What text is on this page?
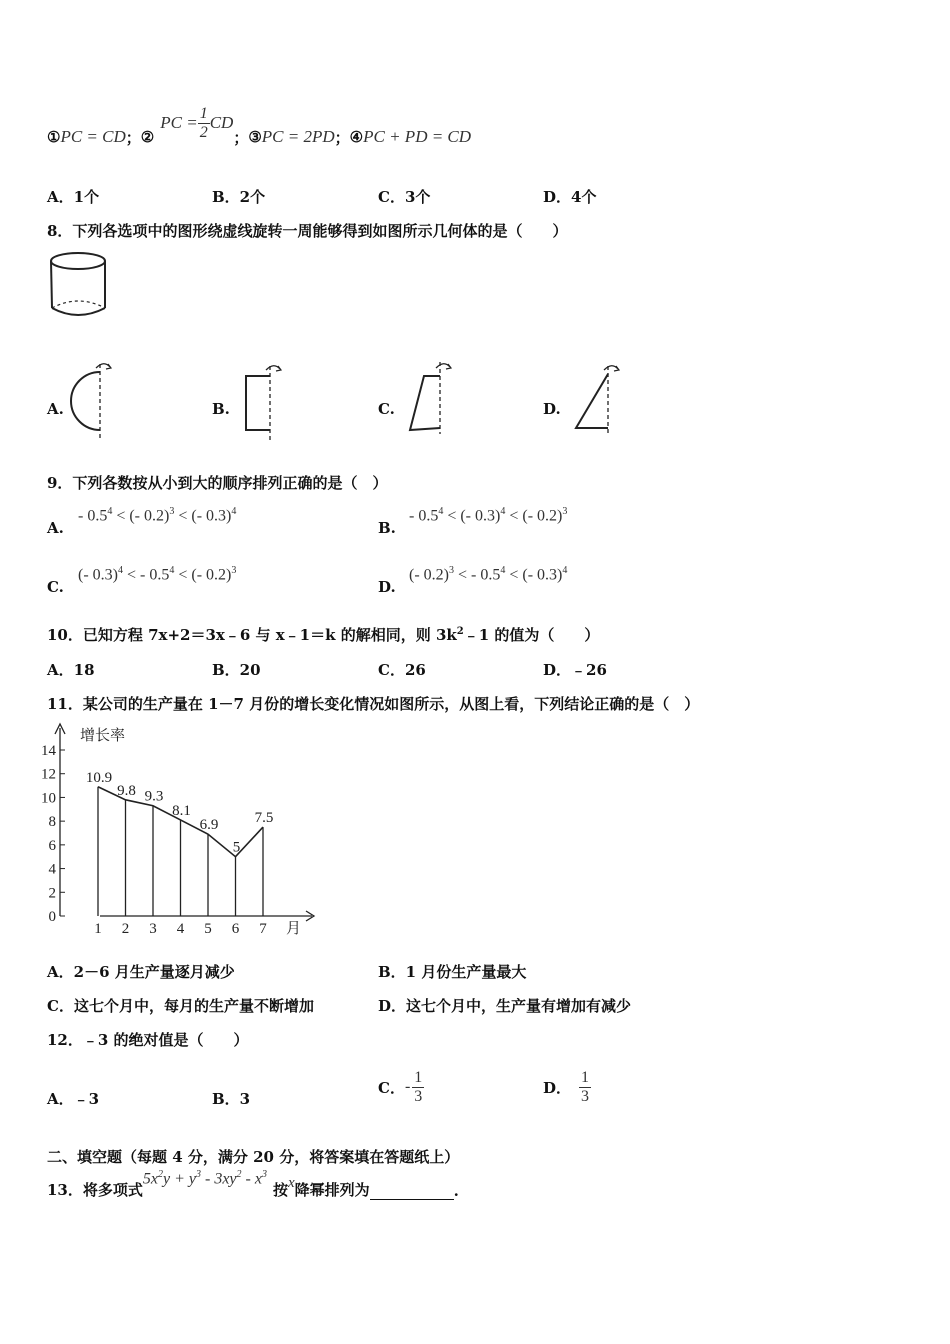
① PC = CD ； ②
PC = $\frac{1}{2}$ CD
； ③ PC = 2PD ； ④ PC + PD = CD
A．1个	B．2个	C．3个	D．4个
8．下列各选项中的图形绕虚线旋转一周能够得到如图所示几何体的是（　　）
A.	B.	C.	D.
9．下列各数按从小到大的顺序排列正确的是（　）
A.
- $0.5^4$ < (- 0.2)$^3$ < (- 0.3)$^4$
B.
- $0.5^4$ < (- 0.3)$^4$ < (- 0.2)$^3$
C.
(- 0.3)$^4$ < - $0.5^4$ < (- 0.2)$^3$
D.
(- 0.2)$^3$ < - $0.5^4$ < (- 0.3)$^4$
10．已知方程 7x+2＝3x﹣6 与 x﹣1＝k 的解相同，则 $3k^2﹣1$ 的值为（　　）
A．18	B．20	C．26	D．﹣26
11．某公司的生产量在 1－7 月份的增长变化情况如图所示，从图上看，下列结论正确的是（　）
增长率
月
0
2
4
6
8
10
12
14
1 2 3 4 5 6 7
10.9
9.8 9.3
8.1
6.9
5
7.5
A．2－6 月生产量逐月减少	B．1 月份生产量最大
C．这七个月中，每月的生产量不断增加	D．这七个月中，生产量有增加有减少
12．﹣3 的绝对值是（　　）
A．﹣3	B．3
C． - $\frac{1}{3}$	D． $\frac{1}{3}$
二、填空题（每题 4 分，满分 20 分，将答案填在答题纸上）
13．将多项式
$5x^2y + y^3 - 3xy^2 - x^3$
按 x 降幂排列为	.
